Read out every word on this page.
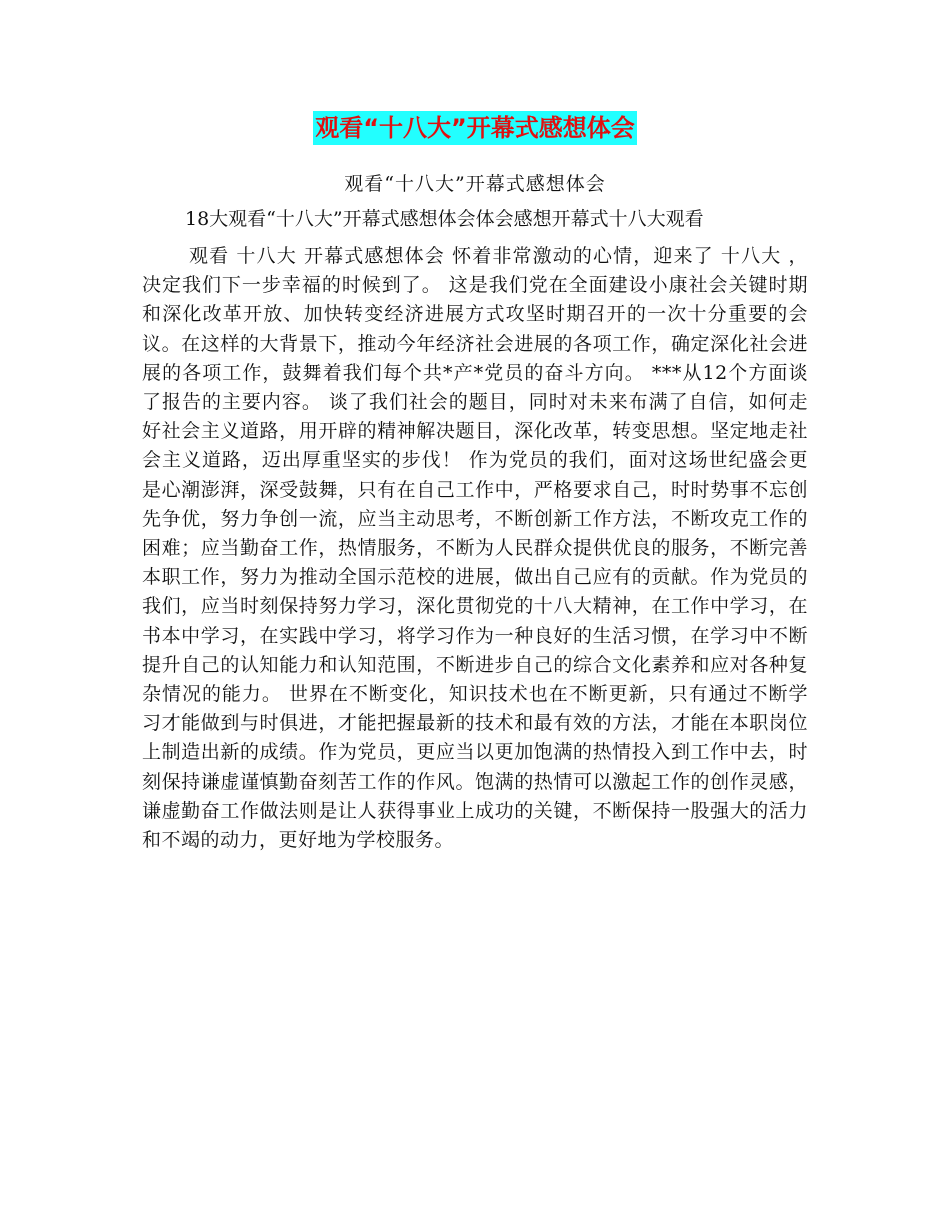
观看“十八大”开幕式感想体会
观看“十八大”开幕式感想体会
18大观看“十八大”开幕式感想体会体会感想开幕式十八大观看

观看 十八大 开幕式感想体会 怀着非常激动的心情，迎来了 十八大 ， 决定我们下一步幸福的时候到了。 这是我们党在全面建设小康社会关键时期和深化改革开放、加快转变经济进展方式攻坚时期召开的一次十分重要的会议。在这样的大背景下，推动今年经济社会进展的各项工作，确定深化社会进展的各项工作，鼓舞着我们每个共*产*党员的奋斗方向。 ***从12个方面谈了报告的主要内容。 谈了我们社会的题目，同时对未来布满了自信，如何走好社会主义道路，用开辟的精神解决题目，深化改革，转变思想。坚定地走社会主义道路，迈出厚重坚实的步伐！ 作为党员的我们，面对这场世纪盛会更是心潮澎湃，深受鼓舞，只有在自己工作中，严格要求自己，时时势事不忘创先争优，努力争创一流，应当主动思考，不断创新工作方法，不断攻克工作的困难；应当勤奋工作，热情服务，不断为人民群众提供优良的服务，不断完善本职工作，努力为推动全国示范校的进展，做出自己应有的贡献。作为党员的我们，应当时刻保持努力学习，深化贯彻党的十八大精神，在工作中学习，在书本中学习，在实践中学习，将学习作为一种良好的生活习惯，在学习中不断提升自己的认知能力和认知范围，不断进步自己的综合文化素养和应对各种复杂情况的能力。 世界在不断变化，知识技术也在不断更新，只有通过不断学习才能做到与时俱进，才能把握最新的技术和最有效的方法，才能在本职岗位上制造出新的成绩。作为党员，更应当以更加饱满的热情投入到工作中去，时刻保持谦虚谨慎勤奋刻苦工作的作风。饱满的热情可以激起工作的创作灵感，谦虚勤奋工作做法则是让人获得事业上成功的关键，不断保持一股强大的活力和不竭的动力，更好地为学校服务。
